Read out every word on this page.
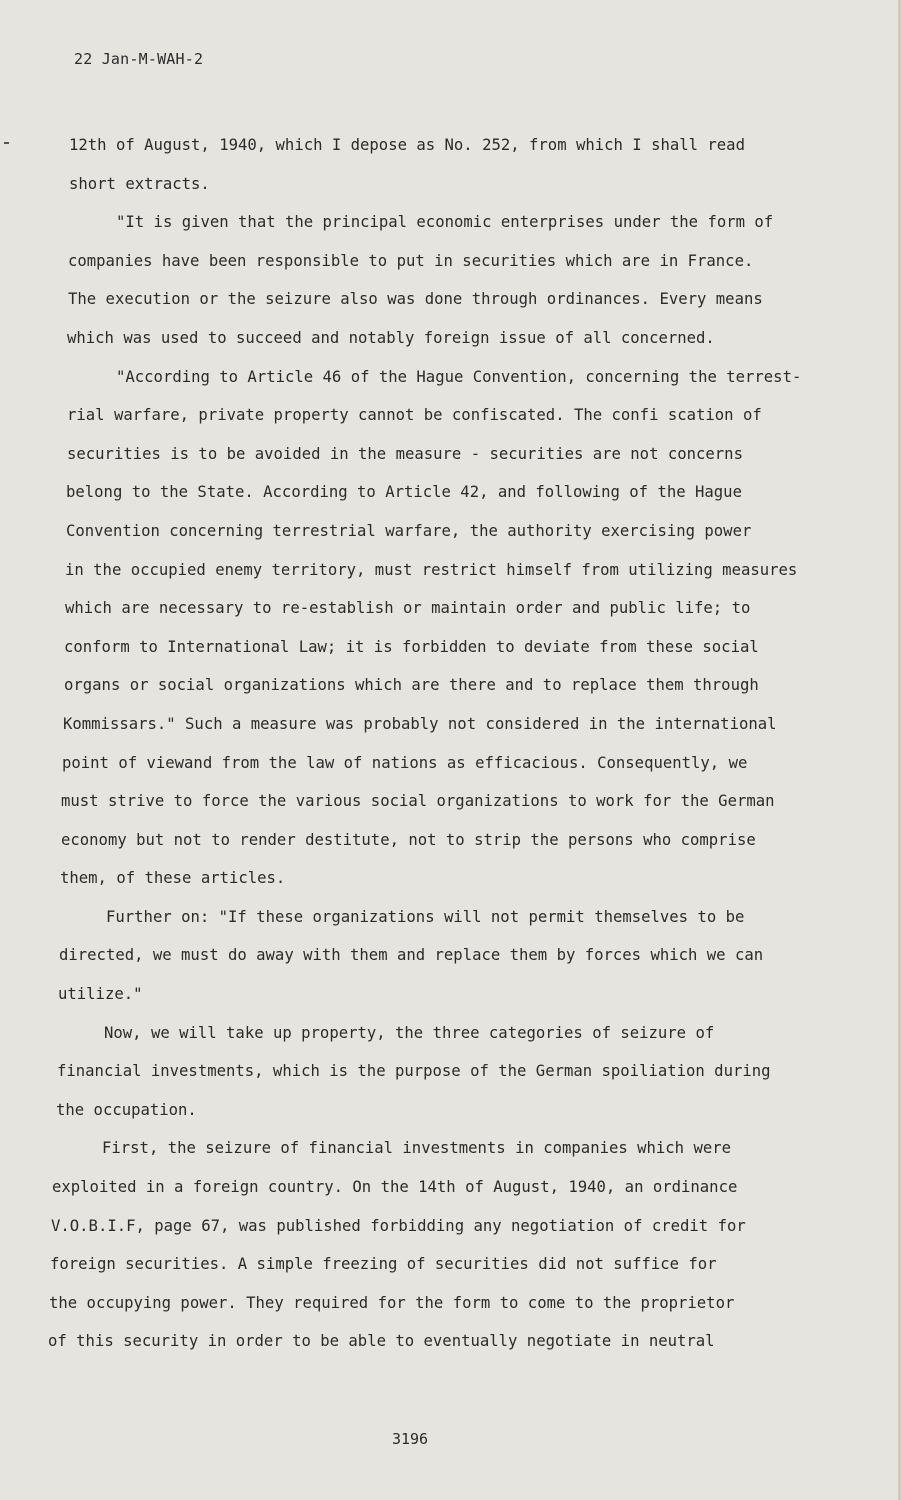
22 Jan-M-WAH-2
12th of August, 1940, which I depose as No. 252, from which I shall read
short extracts.
"It is given that the principal economic enterprises under the form of
companies have been responsible to put in securities which are in France.
The execution or the seizure also was done through ordinances. Every means
which was used to succeed and notably foreign issue of all concerned.
"According to Article 46 of the Hague Convention, concerning the terrest-
rial warfare, private property cannot be confiscated. The confi scation of
securities is to be avoided in the measure - securities are not concerns
belong to the State. According to Article 42, and following of the Hague
Convention concerning terrestrial warfare, the authority exercising power
in the occupied enemy territory, must restrict himself from utilizing measures
which are necessary to re-establish or maintain order and public life; to
conform to International Law; it is forbidden to deviate from these social
organs or social organizations which are there and to replace them through
Kommissars." Such a measure was probably not considered in the international
point of viewand from the law of nations as efficacious. Consequently, we
must strive to force the various social organizations to work for the German
economy but not to render destitute, not to strip the persons who comprise
them, of these articles.
Further on: "If these organizations will not permit themselves to be
directed, we must do away with them and replace them by forces which we can
utilize."
Now, we will take up property, the three categories of seizure of
financial investments, which is the purpose of the German spoiliation during
the occupation.
First, the seizure of financial investments in companies which were
exploited in a foreign country. On the 14th of August, 1940, an ordinance
V.O.B.I.F, page 67, was published forbidding any negotiation of credit for
foreign securities. A simple freezing of securities did not suffice for
the occupying power. They required for the form to come to the proprietor
of this security in order to be able to eventually negotiate in neutral
3196
